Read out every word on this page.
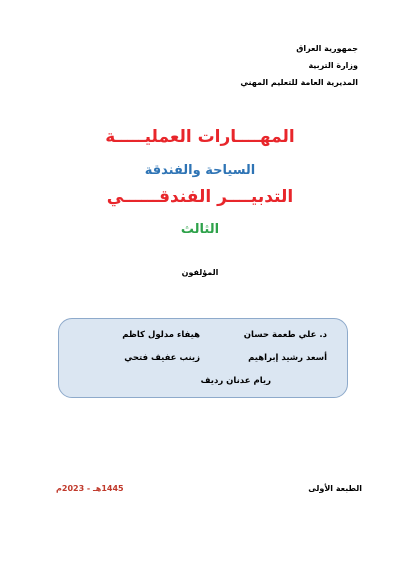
جمهورية العراق
وزارة التربية
المديرية العامة للتعليم المهني
المهــــارات العمليـــــة
السياحة والفندقة
التدبيــــر الفندقــــــي
الثالث
المؤلفون
د. علي طعمة حسان
هيفاء مدلول كاظم
أسعد رشيد إبراهيم
زينب عفيف فتحي
ريام عدنان رديف
الطبعة الأولى
1445هـ - 2023م
